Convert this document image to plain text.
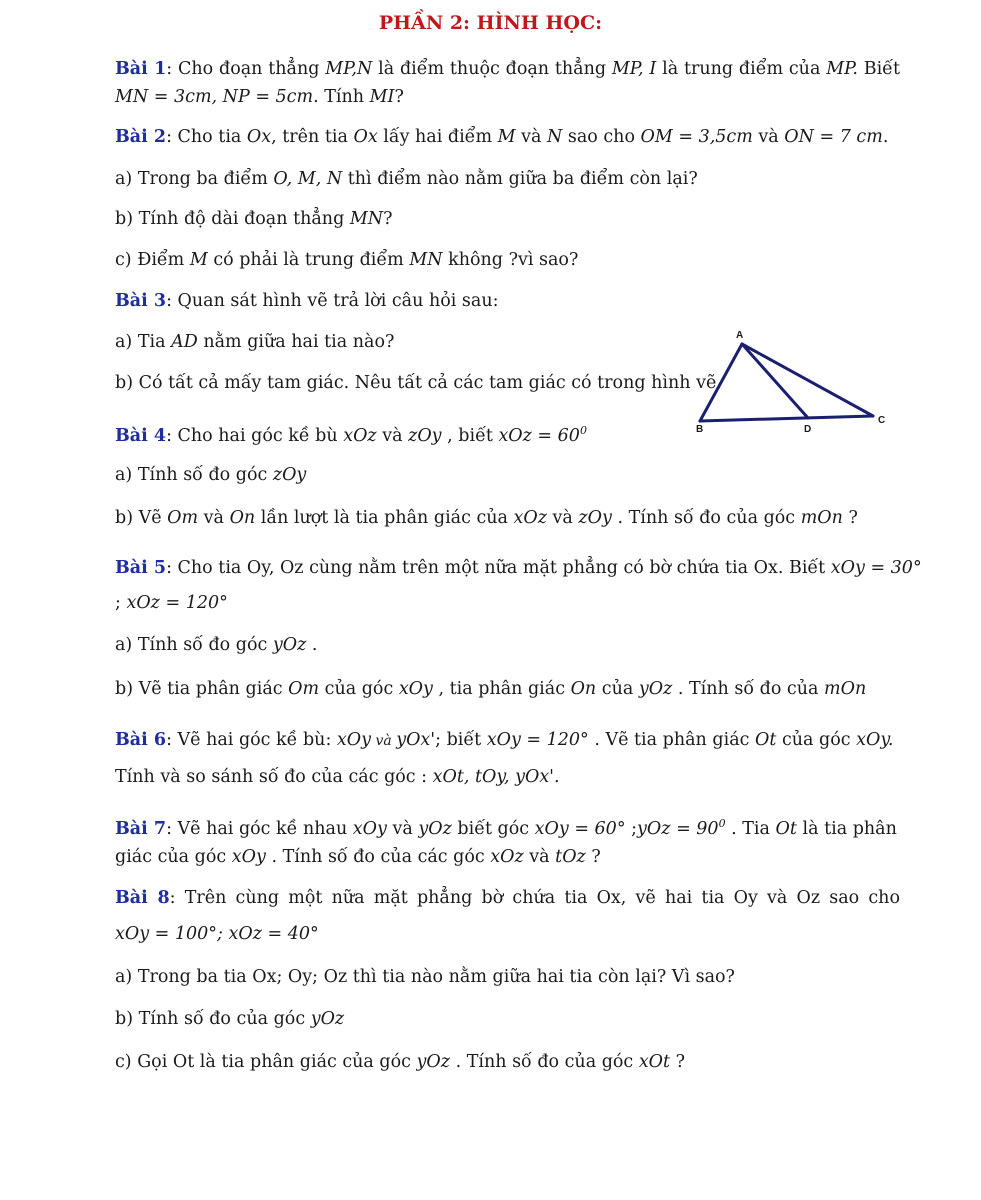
PHẦN 2: HÌNH HỌC:
Bài 1: Cho đoạn thẳng MP,N là điểm thuộc đoạn thẳng MP, I là trung điểm của MP. Biết
MN = 3cm, NP = 5cm. Tính MI?
Bài 2: Cho tia Ox, trên tia Ox lấy hai điểm M và N sao cho OM = 3,5cm và ON = 7 cm.
a) Trong ba điểm O, M, N thì điểm nào nằm giữa ba điểm còn lại?
b) Tính độ dài đoạn thẳng MN?
c) Điểm M có phải là trung điểm MN không ?vì sao?
Bài 3: Quan sát hình vẽ trả lời câu hỏi sau:
a) Tia AD nằm giữa hai tia nào?
b) Có tất cả mấy tam giác. Nêu tất cả các tam giác có trong hình vẽ.
A
B
C
D
Bài 4: Cho hai góc kề bù xOz và zOy , biết xOz = $60^0$
a) Tính số đo góc zOy
b) Vẽ Om và On lần lượt là tia phân giác của xOz và zOy . Tính số đo của góc mOn ?
Bài 5: Cho tia Oy, Oz cùng nằm trên một nữa mặt phẳng có bờ chứa tia Ox. Biết xOy = 30°
; xOz = 120°
a) Tính số đo góc yOz .
b) Vẽ tia phân giác Om của góc xOy , tia phân giác On của yOz . Tính số đo của mOn
Bài 6: Vẽ hai góc kề bù: xOy và yOx'; biết xOy = 120° . Vẽ tia phân giác Ot của góc xOy.
Tính và so sánh số đo của các góc : xOt, tOy, yOx'.
Bài 7: Vẽ hai góc kề nhau xOy và yOz biết góc xOy = 60° ;yOz = $90^0$ . Tia Ot là tia phân
giác của góc xOy . Tính số đo của các góc xOz và tOz ?
Bài 8: Trên cùng một nữa mặt phẳng bờ chứa tia Ox, vẽ hai tia Oy và Oz sao cho
xOy = 100°; xOz = 40°
a) Trong ba tia Ox; Oy; Oz thì tia nào nằm giữa hai tia còn lại? Vì sao?
b) Tính số đo của góc yOz
c) Gọi Ot là tia phân giác của góc yOz . Tính số đo của góc xOt ?
